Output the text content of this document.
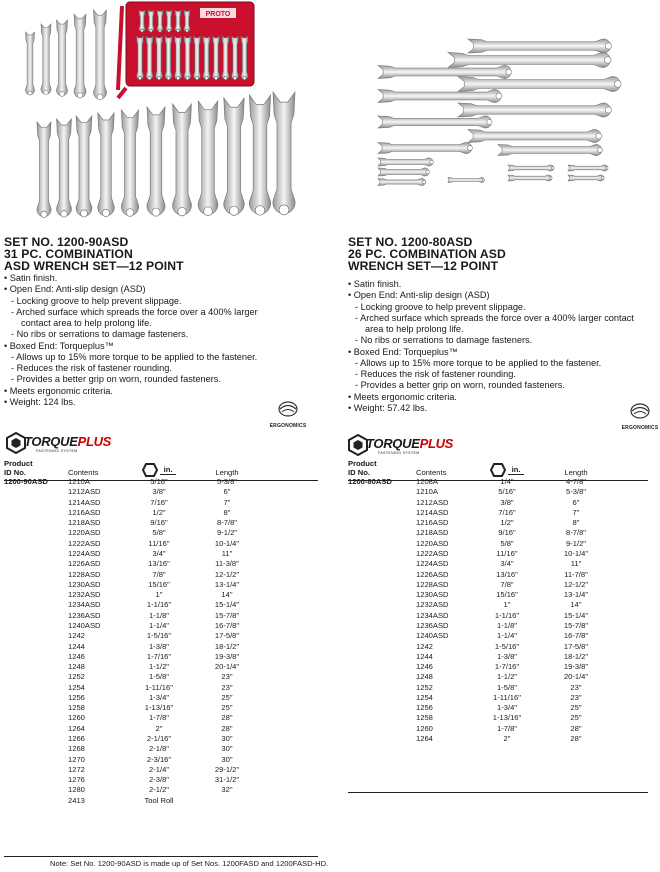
PROTO
SET NO. 1200-90ASD
31 PC. COMBINATION
ASD WRENCH SET—12 POINT
• Satin finish.
• Open End: Anti-slip design (ASD)
- Locking groove to help prevent slippage.
- Arched surface which spreads the force over a 400% larger
contact area to help prolong life.
- No ribs or serrations to damage fasteners.
• Boxed End: Torqueplus™
- Allows up to 15% more torque to be applied to the fastener.
- Reduces the risk of fastener rounding.
- Provides a better grip on worn, rounded fasteners.
• Meets ergonomic criteria.
• Weight: 124 lbs.
ERGONOMICS
TORQUEPLUS
FASTENING SYSTEM
Product
ID No.	Contents	in.	Length	
1200-90ASD	1210A	5/16"	5-3/8"	
	1212ASD	3/8"	6"	
	1214ASD	7/16"	7"	
	1216ASD	1/2"	8"	
	1218ASD	9/16"	8-7/8"	
	1220ASD	5/8"	9-1/2"	
	1222ASD	11/16"	10-1/4"	
	1224ASD	3/4"	11"	
	1226ASD	13/16"	11-3/8"	
	1228ASD	7/8"	12-1/2"	
	1230ASD	15/16"	13-1/4"	
	1232ASD	1"	14"	
	1234ASD	1-1/16"	15-1/4"	
	1236ASD	1-1/8"	15-7/8"	
	1240ASD	1-1/4"	16-7/8"	
	1242	1-5/16"	17-5/8"	
	1244	1-3/8"	18-1/2"	
	1246	1-7/16"	19-3/8"	
	1248	1-1/2"	20-1/4"	
	1252	1-5/8"	23"	
	1254	1-11/16"	23"	
	1256	1-3/4"	25"	
	1258	1-13/16"	25"	
	1260	1-7/8"	28"	
	1264	2"	28"	
	1266	2-1/16"	30"	
	1268	2-1/8"	30"	
	1270	2-3/16"	30"	
	1272	2-1/4"	29-1/2"	
	1276	2-3/8"	31-1/2"	
	1280	2-1/2"	32"	
	2413	Tool Roll		
Note: Set No. 1200-90ASD is made up of Set Nos. 1200FASD and 1200FASD-HD.
SET NO. 1200-80ASD
26 PC. COMBINATION ASD
WRENCH SET—12 POINT
• Satin finish.
• Open End: Anti-slip design (ASD)
- Locking groove to help prevent slippage.
- Arched surface which spreads the force over a 400% larger contact
area to help prolong life.
- No ribs or serrations to damage fasteners.
• Boxed End: Torqueplus™
- Allows up to 15% more torque to be applied to the fastener.
- Reduces the risk of fastener rounding.
- Provides a better grip on worn, rounded fasteners.
• Meets ergonomic criteria.
• Weight: 57.42 lbs.
ERGONOMICS
TORQUEPLUS
FASTENING SYSTEM
Product
ID No.	Contents	in.	Length	
1200-80ASD	1208A	1/4"	4-7/8"	
	1210A	5/16"	5-3/8"	
	1212ASD	3/8"	6"	
	1214ASD	7/16"	7"	
	1216ASD	1/2"	8"	
	1218ASD	9/16"	8-7/8"	
	1220ASD	5/8"	9-1/2"	
	1222ASD	11/16"	10-1/4"	
	1224ASD	3/4"	11"	
	1226ASD	13/16"	11-7/8"	
	1228ASD	7/8"	12-1/2"	
	1230ASD	15/16"	13-1/4"	
	1232ASD	1"	14"	
	1234ASD	1-1/16"	15-1/4"	
	1236ASD	1-1/8"	15-7/8"	
	1240ASD	1-1/4"	16-7/8"	
	1242	1-5/16"	17-5/8"	
	1244	1-3/8"	18-1/2"	
	1246	1-7/16"	19-3/8"	
	1248	1-1/2"	20-1/4"	
	1252	1-5/8"	23"	
	1254	1-11/16"	23"	
	1256	1-3/4"	25"	
	1258	1-13/16"	25"	
	1260	1-7/8"	28"	
	1264	2"	28"	
